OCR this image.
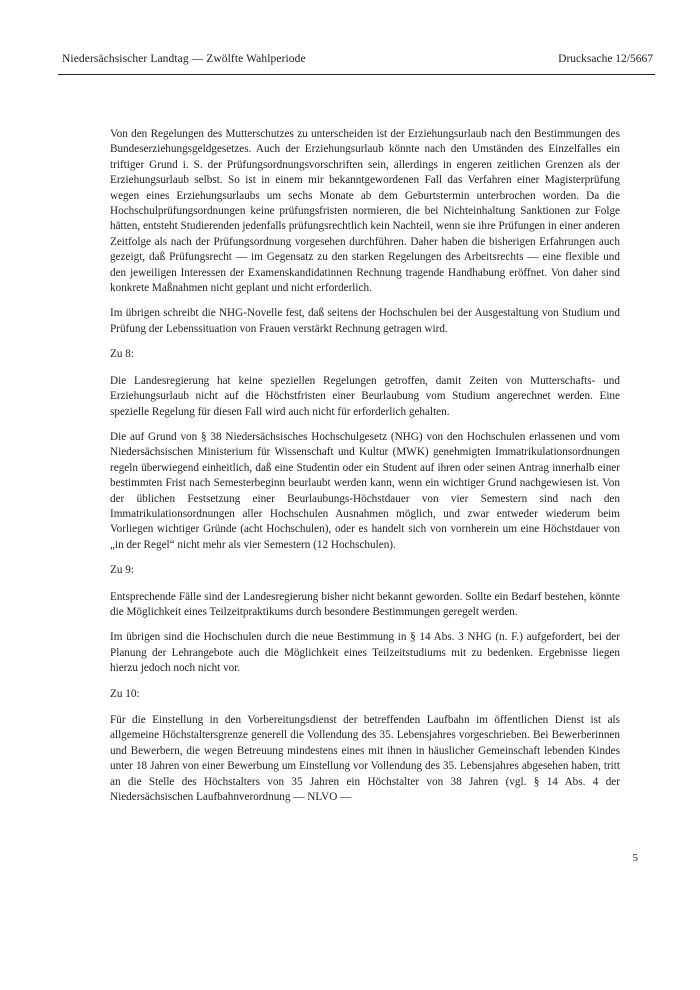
Niedersächsischer Landtag — Zwölfte Wahlperiode	Drucksache 12/5667

Von den Regelungen des Mutterschutzes zu unterscheiden ist der Erziehungsurlaub nach den Bestimmungen des Bundeserziehungsgeldgesetzes. Auch der Erziehungsurlaub könnte nach den Umständen des Einzelfalles ein triftiger Grund i. S. der Prüfungsordnungsvorschriften sein, allerdings in engeren zeitlichen Grenzen als der Erziehungsurlaub selbst. So ist in einem mir bekanntgewordenen Fall das Verfahren einer Magisterprüfung wegen eines Erziehungsurlaubs um sechs Monate ab dem Geburtstermin unterbrochen worden. Da die Hochschulprüfungsordnungen keine prüfungsfristen normieren, die bei Nichteinhaltung Sanktionen zur Folge hätten, entsteht Studierenden jedenfalls prüfungsrechtlich kein Nachteil, wenn sie ihre Prüfungen in einer anderen Zeitfolge als nach der Prüfungsordnung vorgesehen durchführen. Daher haben die bisherigen Erfahrungen auch gezeigt, daß Prüfungsrecht — im Gegensatz zu den starken Regelungen des Arbeitsrechts — eine flexible und den jeweiligen Interessen der Examenskandidatinnen Rechnung tragende Handhabung eröffnet. Von daher sind konkrete Maßnahmen nicht geplant und nicht erforderlich.

Im übrigen schreibt die NHG-Novelle fest, daß seitens der Hochschulen bei der Ausgestaltung von Studium und Prüfung der Lebenssituation von Frauen verstärkt Rechnung getragen wird.

Zu 8:

Die Landesregierung hat keine speziellen Regelungen getroffen, damit Zeiten von Mutterschafts- und Erziehungsurlaub nicht auf die Höchstfristen einer Beurlaubung vom Studium angerechnet werden. Eine spezielle Regelung für diesen Fall wird auch nicht für erforderlich gehalten.

Die auf Grund von § 38 Niedersächsisches Hochschulgesetz (NHG) von den Hochschulen erlassenen und vom Niedersächsischen Ministerium für Wissenschaft und Kultur (MWK) genehmigten Immatrikulationsordnungen regeln überwiegend einheitlich, daß eine Studentin oder ein Student auf ihren oder seinen Antrag innerhalb einer bestimmten Frist nach Semesterbeginn beurlaubt werden kann, wenn ein wichtiger Grund nachgewiesen ist. Von der üblichen Festsetzung einer Beurlaubungs-Höchstdauer von vier Semestern sind nach den Immatrikulationsordnungen aller Hochschulen Ausnahmen möglich, und zwar entweder wiederum beim Vorliegen wichtiger Gründe (acht Hochschulen), oder es handelt sich von vornherein um eine Höchstdauer von „in der Regel“ nicht mehr als vier Semestern (12 Hochschulen).

Zu 9:

Entsprechende Fälle sind der Landesregierung bisher nicht bekannt geworden. Sollte ein Bedarf bestehen, könnte die Möglichkeit eines Teilzeitpraktikums durch besondere Bestimmungen geregelt werden.

Im übrigen sind die Hochschulen durch die neue Bestimmung in § 14 Abs. 3 NHG (n. F.) aufgefordert, bei der Planung der Lehrangebote auch die Möglichkeit eines Teilzeitstudiums mit zu bedenken. Ergebnisse liegen hierzu jedoch noch nicht vor.

Zu 10:

Für die Einstellung in den Vorbereitungsdienst der betreffenden Laufbahn im öffentlichen Dienst ist als allgemeine Höchstaltersgrenze generell die Vollendung des 35. Lebensjahres vorgeschrieben. Bei Bewerberinnen und Bewerbern, die wegen Betreuung mindestens eines mit ihnen in häuslicher Gemeinschaft lebenden Kindes unter 18 Jahren von einer Bewerbung um Einstellung vor Vollendung des 35. Lebensjahres abgesehen haben, tritt an die Stelle des Höchstalters von 35 Jahren ein Höchstalter von 38 Jahren (vgl. § 14 Abs. 4 der Niedersächsischen Laufbahnverordnung — NLVO —

5
